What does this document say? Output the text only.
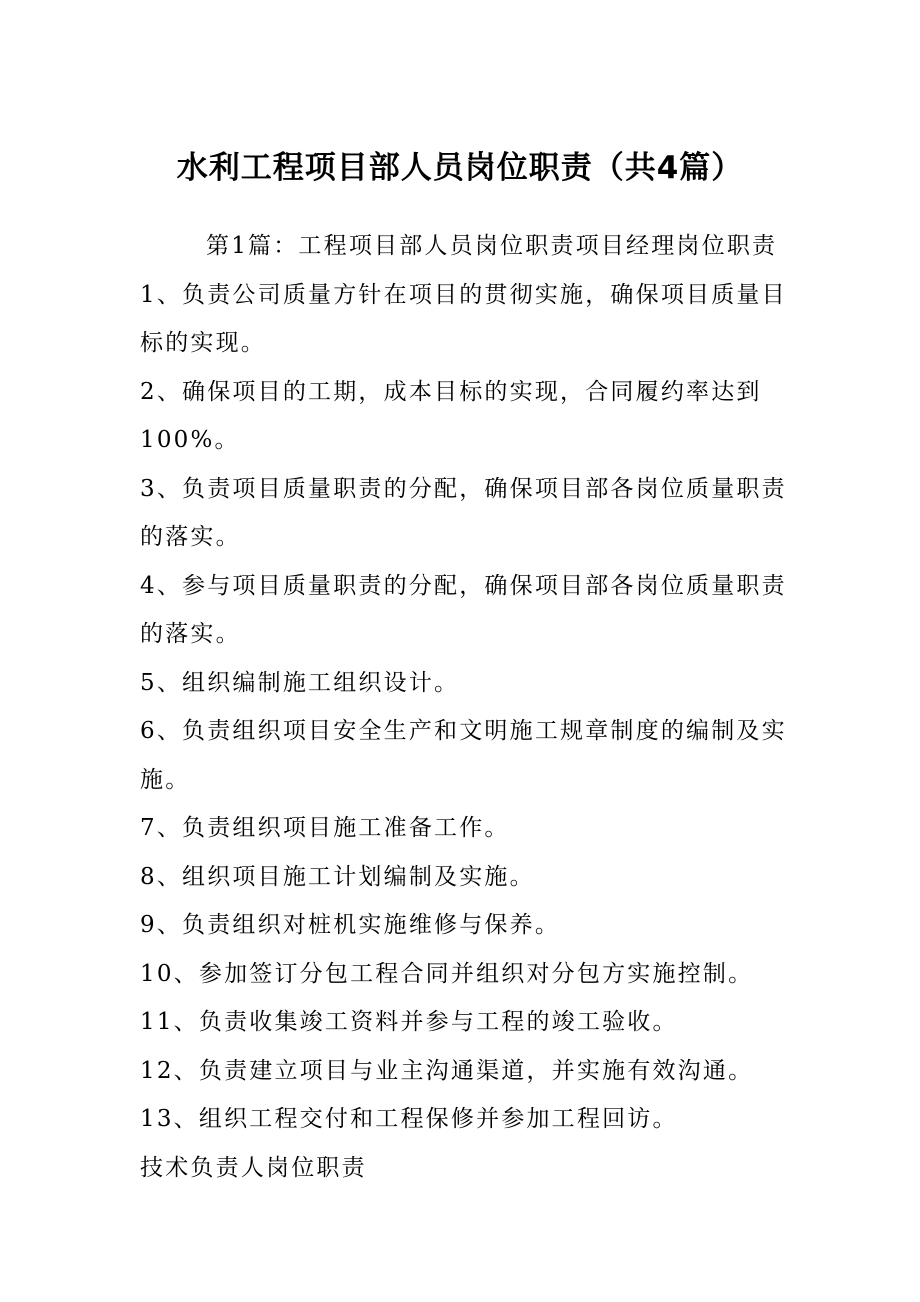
水利工程项目部人员岗位职责（共4篇）

第1篇：工程项目部人员岗位职责项目经理岗位职责

1、负责公司质量方针在项目的贯彻实施，确保项目质量目标的实现。

2、确保项目的工期，成本目标的实现，合同履约率达到100%。

3、负责项目质量职责的分配，确保项目部各岗位质量职责的落实。

4、参与项目质量职责的分配，确保项目部各岗位质量职责的落实。

5、组织编制施工组织设计。

6、负责组织项目安全生产和文明施工规章制度的编制及实施。

7、负责组织项目施工准备工作。

8、组织项目施工计划编制及实施。

9、负责组织对桩机实施维修与保养。

10、参加签订分包工程合同并组织对分包方实施控制。

11、负责收集竣工资料并参与工程的竣工验收。

12、负责建立项目与业主沟通渠道，并实施有效沟通。

13、组织工程交付和工程保修并参加工程回访。

技术负责人岗位职责
